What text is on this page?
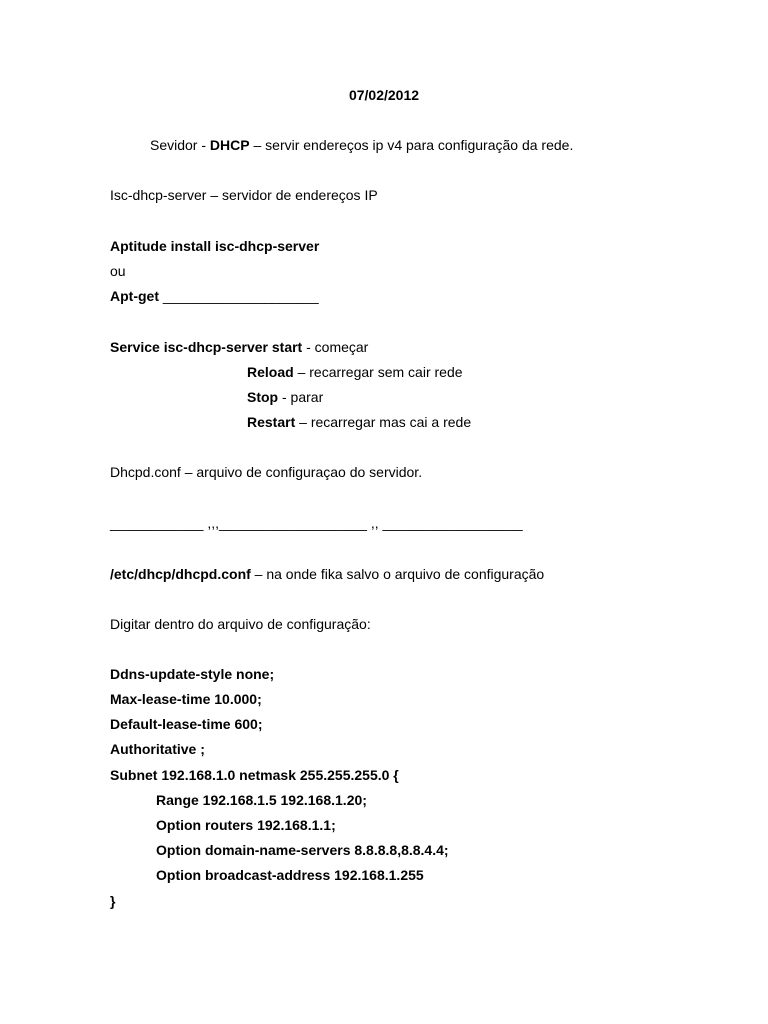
07/02/2012
Sevidor - DHCP – servir endereços ip v4 para configuração da rede.
Isc-dhcp-server – servidor de endereços IP
Aptitude install isc-dhcp-server
ou
Apt-get ____________________
Service isc-dhcp-server start - começar
Reload – recarregar sem cair rede
Stop - parar
Restart – recarregar mas cai a rede
Dhcpd.conf – arquivo de configuraçao do servidor.
____________ ,,,___________________ ,, __________________
/etc/dhcp/dhcpd.conf – na onde fika salvo o arquivo de configuração
Digitar dentro do arquivo de configuração:
Ddns-update-style none;
Max-lease-time 10.000;
Default-lease-time 600;
Authoritative ;
Subnet 192.168.1.0 netmask 255.255.255.0 {
Range 192.168.1.5 192.168.1.20;
Option routers 192.168.1.1;
Option domain-name-servers 8.8.8.8,8.8.4.4;
Option broadcast-address 192.168.1.255
}
